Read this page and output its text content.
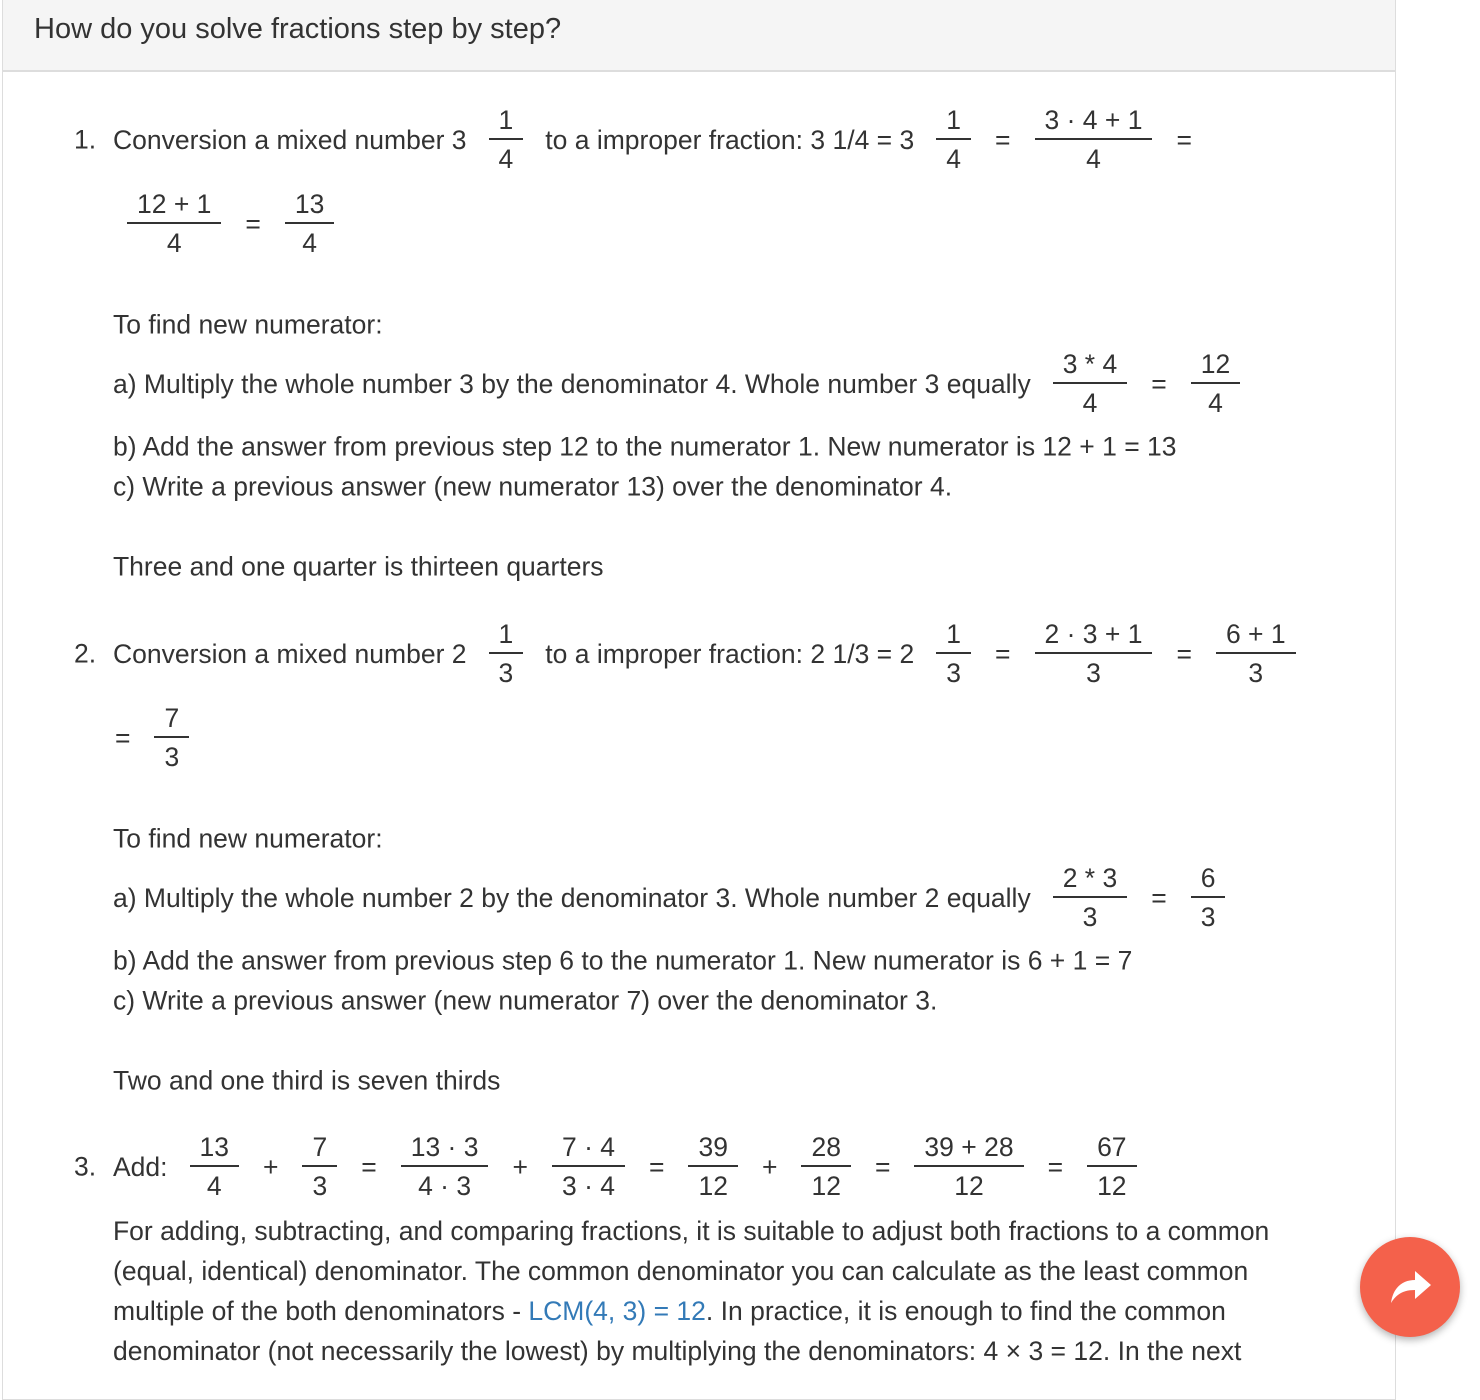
How do you solve fractions step by step?
1.
2.
3.
Conversion a mixed number $3 \frac{1}{4}$ to a improper fraction: 3 $1/4 = 3 \frac{1}{4} = \frac{3 \cdot 4 + 1}{4}$ =
$\frac{12 + 1}{4} = \frac{13}{4}$
To find new numerator:
a) Multiply the whole number 3 by the denominator 4. Whole number 3 equally $\frac{3 * 4}{4} = \frac{12}{4}$
b) Add the answer from previous step 12 to the numerator 1. New numerator is 12 + 1 = 13
c) Write a previous answer (new numerator 13) over the denominator 4.
Three and one quarter is thirteen quarters
Conversion a mixed number $2 \frac{1}{3}$ to a improper fraction: 2 $1/3 = 2 \frac{1}{3} = \frac{2 \cdot 3 + 1}{3} = \frac{6 + 1}{3}$
= $\frac{7}{3}$
To find new numerator:
a) Multiply the whole number 2 by the denominator 3. Whole number 2 equally $\frac{2 * 3}{3} = \frac{6}{3}$
b) Add the answer from previous step 6 to the numerator 1. New numerator is 6 + 1 = 7
c) Write a previous answer (new numerator 7) over the denominator 3.
Two and one third is seven thirds
Add: $\frac{13}{4} + \frac{7}{3} = \frac{13 \cdot 3}{4 \cdot 3} + \frac{7 \cdot 4}{3 \cdot 4} = \frac{39}{12} + \frac{28}{12} = \frac{39 + 28}{12} = \frac{67}{12}$
For adding, subtracting, and comparing fractions, it is suitable to adjust both fractions to a common
(equal, identical) denominator. The common denominator you can calculate as the least common
multiple of the both denominators - LCM(4, 3) = 12. In practice, it is enough to find the common
denominator (not necessarily the lowest) by multiplying the denominators: 4 × 3 = 12. In the next
